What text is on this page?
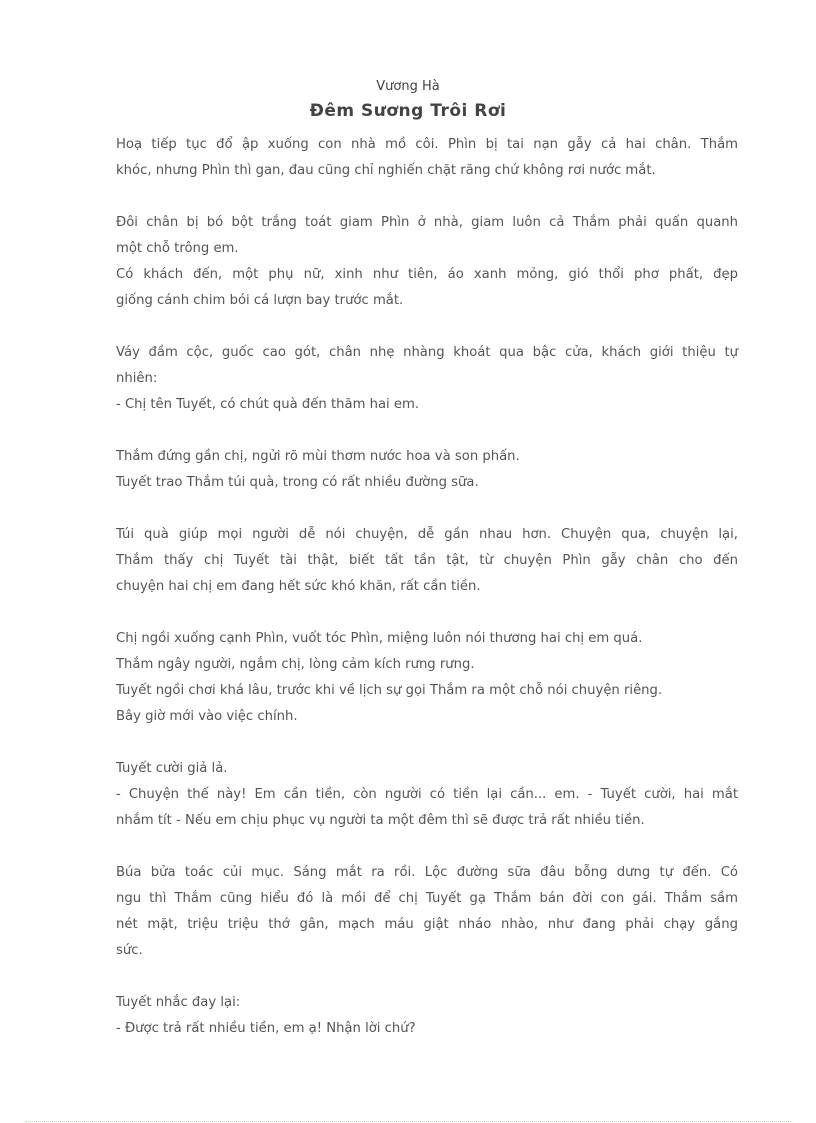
Vương Hà
Đêm Sương Trôi Rơi
Hoạ tiếp tục đổ ập xuống con nhà mồ côi. Phìn bị tai nạn gẫy cả hai chân. Thắm
khóc, nhưng Phìn thì gan, đau cũng chỉ nghiến chặt răng chứ không rơi nước mắt.
Đôi chân bị bó bột trắng toát giam Phìn ở nhà, giam luôn cả Thắm phải quấn quanh
một chỗ trông em.
Có khách đến, một phụ nữ, xinh như tiên, áo xanh mỏng, gió thổi phơ phất, đẹp
giống cánh chim bói cá lượn bay trước mắt.
Váy đầm cộc, guốc cao gót, chân nhẹ nhàng khoát qua bậc cửa, khách giới thiệu tự
nhiên:
- Chị tên Tuyết, có chút quà đến thăm hai em.
Thắm đứng gần chị, ngửi rõ mùi thơm nước hoa và son phấn.
Tuyết trao Thắm túi quà, trong có rất nhiều đường sữa.
Túi quà giúp mọi người dễ nói chuyện, dễ gần nhau hơn. Chuyện qua, chuyện lại,
Thắm thấy chị Tuyết tài thật, biết tất tần tật, từ chuyện Phìn gẫy chân cho đến
chuyện hai chị em đang hết sức khó khăn, rất cần tiền.
Chị ngồi xuống cạnh Phìn, vuốt tóc Phìn, miệng luôn nói thương hai chị em quá.
Thắm ngây người, ngắm chị, lòng cảm kích rưng rưng.
Tuyết ngồi chơi khá lâu, trước khi về lịch sự gọi Thắm ra một chỗ nói chuyện riêng.
Bây giờ mới vào việc chính.
Tuyết cười giả lả.
- Chuyện thế này! Em cần tiền, còn người có tiền lại cần... em. - Tuyết cười, hai mắt
nhắm tít - Nếu em chịu phục vụ người ta một đêm thì sẽ được trả rất nhiều tiền.
Búa bửa toác củi mục. Sáng mắt ra rồi. Lộc đường sữa đâu bỗng dưng tự đến. Có
ngu thì Thắm cũng hiểu đó là mồi để chị Tuyết gạ Thắm bán đời con gái. Thắm sầm
nét mặt, triệu triệu thớ gân, mạch máu giật nháo nhào, như đang phải chạy gắng
sức.
Tuyết nhắc đay lại:
- Được trả rất nhiều tiền, em ạ! Nhận lời chứ?
